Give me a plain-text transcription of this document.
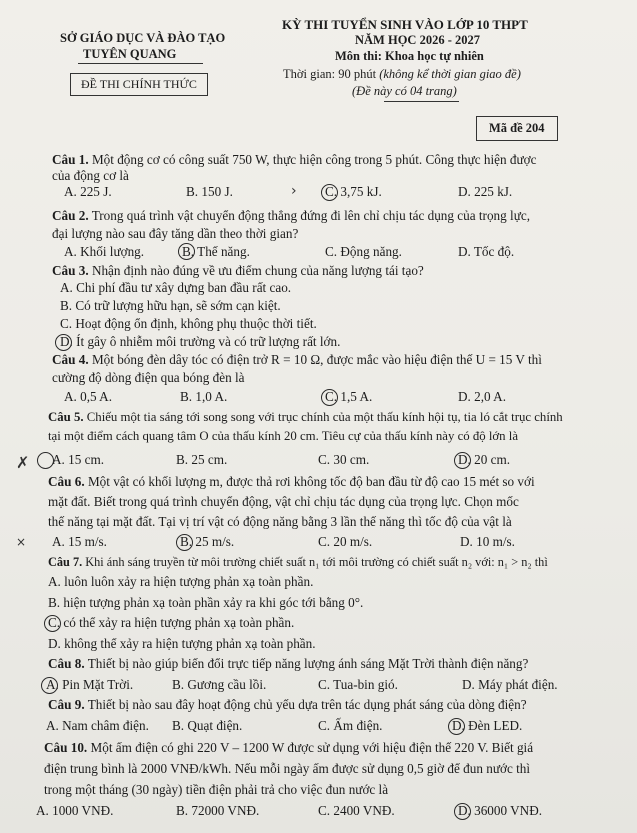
SỞ GIÁO DỤC VÀ ĐÀO TẠO
TUYÊN QUANG
ĐỀ THI CHÍNH THỨC
KỲ THI TUYỂN SINH VÀO LỚP 10 THPT
NĂM HỌC 2026 - 2027
Môn thi: Khoa học tự nhiên
Thời gian: 90 phút (không kể thời gian giao đề)
(Đề này có 04 trang)
Mã đề 204
Câu 1. Một động cơ có công suất 750 W, thực hiện công trong 5 phút. Công thực hiện được
của động cơ là
A. 225 J.	B. 150 J.	C. 3,75 kJ.	D. 225 kJ.
Câu 2. Trong quá trình vật chuyển động thẳng đứng đi lên chỉ chịu tác dụng của trọng lực,
đại lượng nào sau đây tăng dần theo thời gian?
A. Khối lượng.	B. Thế năng.	C. Động năng.	D. Tốc độ.
Câu 3. Nhận định nào đúng về ưu điểm chung của năng lượng tái tạo?
A. Chi phí đầu tư xây dựng ban đầu rất cao.
B. Có trữ lượng hữu hạn, sẽ sớm cạn kiệt.
C. Hoạt động ổn định, không phụ thuộc thời tiết.
D. Ít gây ô nhiễm môi trường và có trữ lượng rất lớn.
Câu 4. Một bóng đèn dây tóc có điện trở R = 10 Ω, được mắc vào hiệu điện thế U = 15 V thì
cường độ dòng điện qua bóng đèn là
A. 0,5 A.	B. 1,0 A.	C. 1,5 A.	D. 2,0 A.
Câu 5. Chiếu một tia sáng tới song song với trục chính của một thấu kính hội tụ, tia ló cắt trục chính
tại một điểm cách quang tâm O của thấu kính 20 cm. Tiêu cự của thấu kính này có độ lớn là
A. 15 cm.	B. 25 cm.	C. 30 cm.	D. 20 cm.
Câu 6. Một vật có khối lượng m, được thả rơi không tốc độ ban đầu từ độ cao 15 mét so với
mặt đất. Biết trong quá trình chuyển động, vật chỉ chịu tác dụng của trọng lực. Chọn mốc
thế năng tại mặt đất. Tại vị trí vật có động năng bằng 3 lần thế năng thì tốc độ của vật là
A. 15 m/s.	B. 25 m/s.	C. 20 m/s.	D. 10 m/s.
Câu 7. Khi ánh sáng truyền từ môi trường chiết suất n₁ tới môi trường có chiết suất n₂ với: n₁ > n₂ thì
A. luôn luôn xảy ra hiện tượng phản xạ toàn phần.
B. hiện tượng phản xạ toàn phần xảy ra khi góc tới bằng 0°.
C. có thể xảy ra hiện tượng phản xạ toàn phần.
D. không thể xảy ra hiện tượng phản xạ toàn phần.
Câu 8. Thiết bị nào giúp biến đổi trực tiếp năng lượng ánh sáng Mặt Trời thành điện năng?
A. Pin Mặt Trời.	B. Gương cầu lồi.	C. Tua-bin gió.	D. Máy phát điện.
Câu 9. Thiết bị nào sau đây hoạt động chủ yếu dựa trên tác dụng phát sáng của dòng điện?
A. Nam châm điện. B. Quạt điện.	C. Ấm điện.	D. Đèn LED.
Câu 10. Một ấm điện có ghi 220 V – 1200 W được sử dụng với hiệu điện thế 220 V. Biết giá
điện trung bình là 2000 VNĐ/kWh. Nếu mỗi ngày ấm được sử dụng 0,5 giờ để đun nước thì
trong một tháng (30 ngày) tiền điện phải trả cho việc đun nước là
A. 1000 VNĐ.	B. 72000 VNĐ.	C. 2400 VNĐ.	D. 36000 VNĐ.
›
✗
×
